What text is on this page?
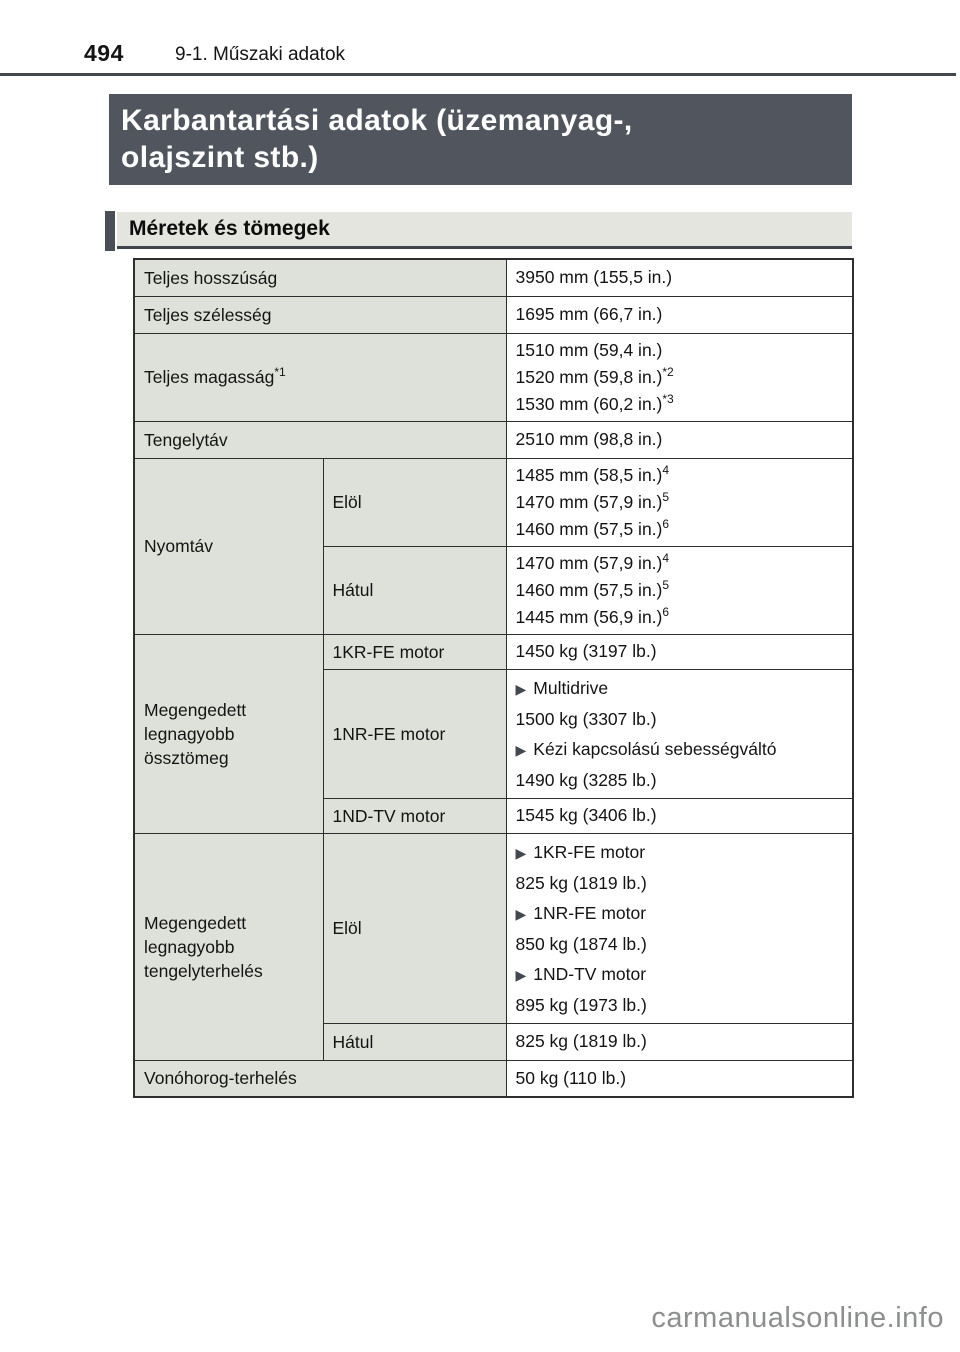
494	9-1. Műszaki adatok
Karbantartási adatok (üzemanyag-,
olajszint stb.)
Méretek és tömegek
Teljes hosszúság		3950 mm (155,5 in.)
Teljes szélesség		1695 mm (66,7 in.)
Teljes magasság$^{*1}$		1510 mm (59,4 in.)
1520 mm (59,8 in.)$^{*2}$
1530 mm (60,2 in.)$^{*3}$

Tengelytáv		2510 mm (98,8 in.)
Nyomtáv	Elöl	1485 mm (58,5 in.)$^4$
1470 mm (57,9 in.)$^5$
1460 mm (57,5 in.)$^6$

	Hátul	1470 mm (57,9 in.)$^4$
1460 mm (57,5 in.)$^5$
1445 mm (56,9 in.)$^6$

Megengedett legnagyobb össztömeg	1KR-FE motor	1450 kg (3197 lb.)
	1NR-FE motor	▶ Multidrive
1500 kg (3307 lb.)
▶ Kézi kapcsolású sebességváltó
1490 kg (3285 lb.)

	1ND-TV motor	1545 kg (3406 lb.)
Megengedett legnagyobb tengelyterhelés	Elöl	
▶ 1KR-FE motor
825 kg (1819 lb.)
▶ 1NR-FE motor
850 kg (1874 lb.)
▶ 1ND-TV motor
895 kg (1973 lb.)

	Hátul	825 kg (1819 lb.)
Vonóhorog-terhelés		50 kg (110 lb.)
carmanualsonline.info
